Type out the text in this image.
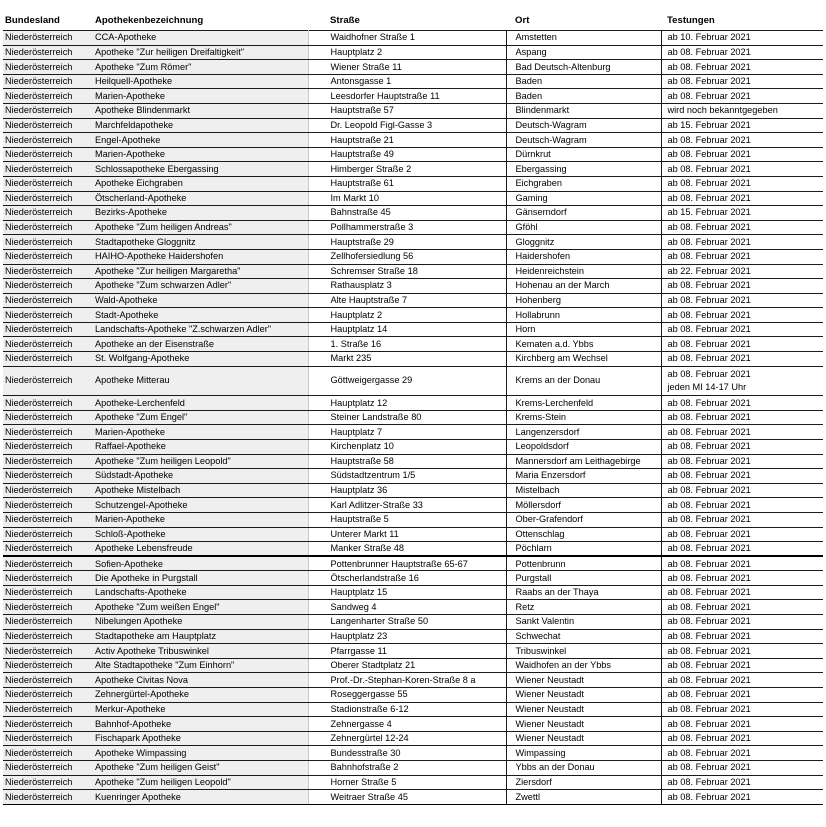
Bundesland	Apothekenbezeichnung	Straße	Ort	Testungen
Niederösterreich	CCA-Apotheke	Waidhofner Straße 1	Amstetten	ab 10. Februar 2021
Niederösterreich	Apotheke "Zur heiligen Dreifaltigkeit"	Hauptplatz 2	Aspang	ab 08. Februar 2021
Niederösterreich	Apotheke "Zum Römer"	Wiener Straße 11	Bad Deutsch-Altenburg	ab 08. Februar 2021
Niederösterreich	Heilquell-Apotheke	Antonsgasse 1	Baden	ab 08. Februar 2021
Niederösterreich	Marien-Apotheke	Leesdorfer Hauptstraße 11	Baden	ab 08. Februar 2021
Niederösterreich	Apotheke Blindenmarkt	Hauptstraße 57	Blindenmarkt	wird noch bekanntgegeben
Niederösterreich	Marchfeldapotheke	Dr. Leopold Figl-Gasse 3	Deutsch-Wagram	ab 15. Februar 2021
Niederösterreich	Engel-Apotheke	Hauptstraße 21	Deutsch-Wagram	ab 08. Februar 2021
Niederösterreich	Marien-Apotheke	Hauptstraße 49	Dürnkrut	ab 08. Februar 2021
Niederösterreich	Schlossapotheke Ebergassing	Himberger Straße 2	Ebergassing	ab 08. Februar 2021
Niederösterreich	Apotheke Eichgraben	Hauptstraße 61	Eichgraben	ab 08. Februar 2021
Niederösterreich	Ötscherland-Apotheke	Im Markt 10	Gaming	ab 08. Februar 2021
Niederösterreich	Bezirks-Apotheke	Bahnstraße 45	Gänserndorf	ab 15. Februar 2021
Niederösterreich	Apotheke "Zum heiligen Andreas"	Pollhammerstraße 3	Gföhl	ab 08. Februar 2021
Niederösterreich	Stadtapotheke Gloggnitz	Hauptstraße 29	Gloggnitz	ab 08. Februar 2021
Niederösterreich	HAIHO-Apotheke Haidershofen	Zellhofersiedlung 56	Haidershofen	ab 08. Februar 2021
Niederösterreich	Apotheke "Zur heiligen Margaretha"	Schremser Straße 18	Heidenreichstein	ab 22. Februar 2021
Niederösterreich	Apotheke "Zum schwarzen Adler"	Rathausplatz 3	Hohenau an der March	ab 08. Februar 2021
Niederösterreich	Wald-Apotheke	Alte Hauptstraße 7	Hohenberg	ab 08. Februar 2021
Niederösterreich	Stadt-Apotheke	Hauptplatz 2	Hollabrunn	ab 08. Februar 2021
Niederösterreich	Landschafts-Apotheke "Z.schwarzen Adler"	Hauptplatz 14	Horn	ab 08. Februar 2021
Niederösterreich	Apotheke an der Eisenstraße	1. Straße 16	Kematen a.d. Ybbs	ab 08. Februar 2021
Niederösterreich	St. Wolfgang-Apotheke	Markt 235	Kirchberg am Wechsel	ab 08. Februar 2021
Niederösterreich	Apotheke Mitterau	Göttweigergasse 29	Krems an der Donau	ab 08. Februar 2021
jeden MI 14-17 Uhr

Niederösterreich	Apotheke-Lerchenfeld	Hauptplatz 12	Krems-Lerchenfeld	ab 08. Februar 2021
Niederösterreich	Apotheke "Zum Engel"	Steiner Landstraße 80	Krems-Stein	ab 08. Februar 2021
Niederösterreich	Marien-Apotheke	Hauptplatz 7	Langenzersdorf	ab 08. Februar 2021
Niederösterreich	Raffael-Apotheke	Kirchenplatz 10	Leopoldsdorf	ab 08. Februar 2021
Niederösterreich	Apotheke "Zum heiligen Leopold"	Hauptstraße 58	Mannersdorf am Leithagebirge	ab 08. Februar 2021
Niederösterreich	Südstadt-Apotheke	Südstadtzentrum 1/5	Maria Enzersdorf	ab 08. Februar 2021
Niederösterreich	Apotheke Mistelbach	Hauptplatz 36	Mistelbach	ab 08. Februar 2021
Niederösterreich	Schutzengel-Apotheke	Karl Adlitzer-Straße 33	Möllersdorf	ab 08. Februar 2021
Niederösterreich	Marien-Apotheke	Hauptstraße 5	Ober-Grafendorf	ab 08. Februar 2021
Niederösterreich	Schloß-Apotheke	Unterer Markt 11	Ottenschlag	ab 08. Februar 2021
Niederösterreich	Apotheke Lebensfreude	Manker Straße 48	Pöchlarn	ab 08. Februar 2021
Niederösterreich	Sofien-Apotheke	Pottenbrunner Hauptstraße 65-67	Pottenbrunn	ab 08. Februar 2021
Niederösterreich	Die Apotheke in Purgstall	Ötscherlandstraße 16	Purgstall	ab 08. Februar 2021
Niederösterreich	Landschafts-Apotheke	Hauptplatz 15	Raabs an der Thaya	ab 08. Februar 2021
Niederösterreich	Apotheke "Zum weißen Engel"	Sandweg 4	Retz	ab 08. Februar 2021
Niederösterreich	Nibelungen Apotheke	Langenharter Straße 50	Sankt Valentin	ab 08. Februar 2021
Niederösterreich	Stadtapotheke am Hauptplatz	Hauptplatz 23	Schwechat	ab 08. Februar 2021
Niederösterreich	Activ Apotheke Tribuswinkel	Pfarrgasse 11	Tribuswinkel	ab 08. Februar 2021
Niederösterreich	Alte Stadtapotheke "Zum Einhorn"	Oberer Stadtplatz 21	Waidhofen an der Ybbs	ab 08. Februar 2021
Niederösterreich	Apotheke Civitas Nova	Prof.-Dr.-Stephan-Koren-Straße 8 a	Wiener Neustadt	ab 08. Februar 2021
Niederösterreich	Zehnergürtel-Apotheke	Roseggergasse 55	Wiener Neustadt	ab 08. Februar 2021
Niederösterreich	Merkur-Apotheke	Stadionstraße 6-12	Wiener Neustadt	ab 08. Februar 2021
Niederösterreich	Bahnhof-Apotheke	Zehnergasse 4	Wiener Neustadt	ab 08. Februar 2021
Niederösterreich	Fischapark Apotheke	Zehnergürtel 12-24	Wiener Neustadt	ab 08. Februar 2021
Niederösterreich	Apotheke Wimpassing	Bundesstraße 30	Wimpassing	ab 08. Februar 2021
Niederösterreich	Apotheke "Zum heiligen Geist"	Bahnhofstraße 2	Ybbs an der Donau	ab 08. Februar 2021
Niederösterreich	Apotheke "Zum heiligen Leopold"	Horner Straße 5	Ziersdorf	ab 08. Februar 2021
Niederösterreich	Kuenringer Apotheke	Weitraer Straße 45	Zwettl	ab 08. Februar 2021
